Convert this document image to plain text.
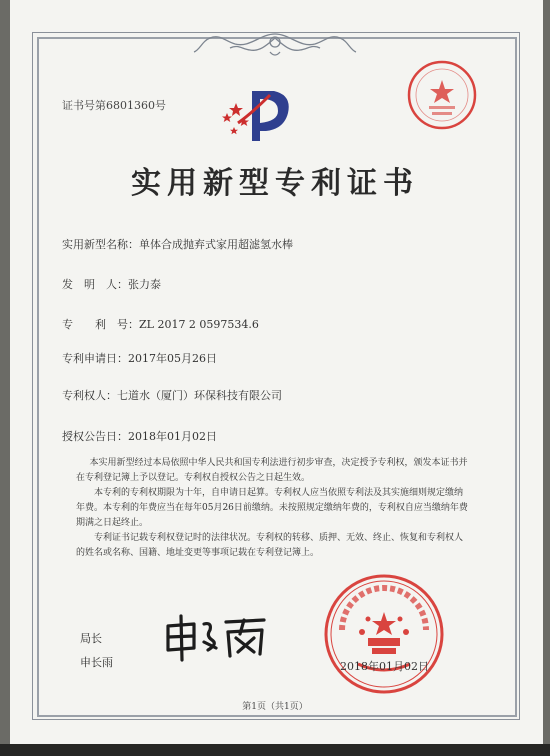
证书号第6801360号
实用新型专利证书
实用新型名称：单体合成抛弃式家用超滤氢水棒
发　明　人：张力泰
专　　利　号：ZL 2017 2 0597534.6
专利申请日：2017年05月26日
专利权人：七道水（厦门）环保科技有限公司
授权公告日：2018年01月02日

本实用新型经过本局依照中华人民共和国专利法进行初步审查，决定授予专利权，颁发本证书并在专利登记簿上予以登记。专利权自授权公告之日起生效。

本专利的专利权期限为十年，自申请日起算。专利权人应当依照专利法及其实施细则规定缴纳年费。本专利的年费应当在每年05月26日前缴纳。未按照规定缴纳年费的，专利权自应当缴纳年费期满之日起终止。

专利证书记载专利权登记时的法律状况。专利权的转移、质押、无效、终止、恢复和专利权人的姓名或名称、国籍、地址变更等事项记载在专利登记簿上。

局长
申长雨	2018年01月02日
第1页（共1页）
